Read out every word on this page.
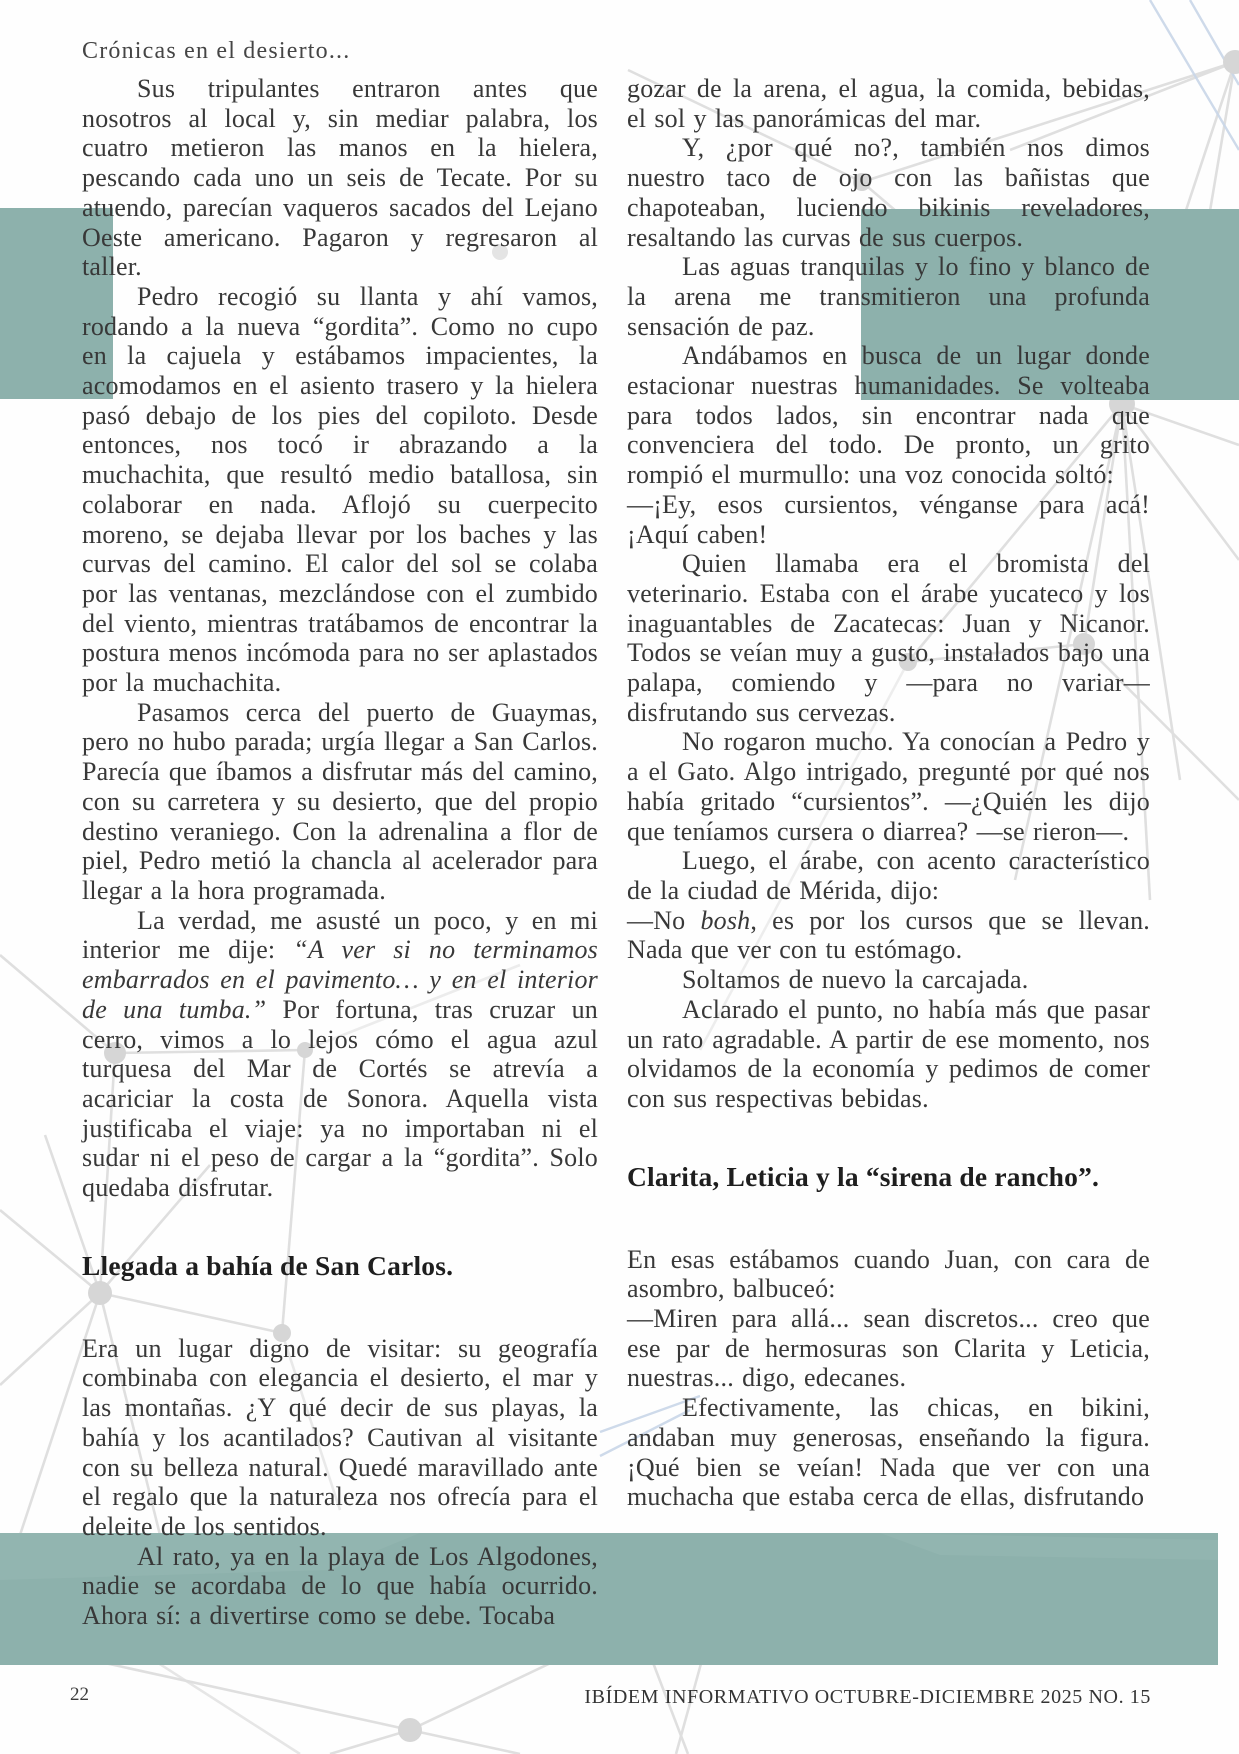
Crónicas en el desierto...

Sus tripulantes entraron antes que nosotros al local y, sin mediar palabra, los cuatro metieron las manos en la hielera, pescando cada uno un seis de Tecate. Por su atuendo, parecían vaqueros sacados del Lejano Oeste americano. Pagaron y regresaron al taller.

Pedro recogió su llanta y ahí vamos, rodando a la nueva “gordita”. Como no cupo en la cajuela y estábamos impacientes, la acomodamos en el asiento trasero y la hielera pasó debajo de los pies del copiloto. Desde entonces, nos tocó ir abrazando a la muchachita, que resultó medio batallosa, sin colaborar en nada. Aflojó su cuerpecito moreno, se dejaba llevar por los baches y las curvas del camino. El calor del sol se colaba por las ventanas, mezclándose con el zumbido del viento, mientras tratábamos de encontrar la postura menos incómoda para no ser aplastados por la muchachita.

Pasamos cerca del puerto de Guaymas, pero no hubo parada; urgía llegar a San Carlos. Parecía que íbamos a disfrutar más del camino, con su carretera y su desierto, que del propio destino veraniego. Con la adrenalina a flor de piel, Pedro metió la chancla al acelerador para llegar a la hora programada.

La verdad, me asusté un poco, y en mi interior me dije: “A ver si no terminamos embarrados en el pavimento… y en el interior de una tumba.” Por fortuna, tras cruzar un cerro, vimos a lo lejos cómo el agua azul turquesa del Mar de Cortés se atrevía a acariciar la costa de Sonora. Aquella vista justificaba el viaje: ya no importaban ni el sudar ni el peso de cargar a la “gordita”. Solo quedaba disfrutar.

Llegada a bahía de San Carlos.

Era un lugar digno de visitar: su geografía combinaba con elegancia el desierto, el mar y las montañas. ¿Y qué decir de sus playas, la bahía y los acantilados? Cautivan al visitante con su belleza natural. Quedé maravillado ante el regalo que la naturaleza nos ofrecía para el deleite de los sentidos.

Al rato, ya en la playa de Los Algodones, nadie se acordaba de lo que había ocurrido. Ahora sí: a divertirse como se debe. Tocaba

gozar de la arena, el agua, la comida, bebidas, el sol y las panorámicas del mar.

Y, ¿por qué no?, también nos dimos nuestro taco de ojo con las bañistas que chapoteaban, luciendo bikinis reveladores, resaltando las curvas de sus cuerpos.

Las aguas tranquilas y lo fino y blanco de la arena me transmitieron una profunda sensación de paz.

Andábamos en busca de un lugar donde estacionar nuestras humanidades. Se volteaba para todos lados, sin encontrar nada que convenciera del todo. De pronto, un grito rompió el murmullo: una voz conocida soltó:

—¡Ey, esos cursientos, vénganse para acá! ¡Aquí caben!

Quien llamaba era el bromista del veterinario. Estaba con el árabe yucateco y los inaguantables de Zacatecas: Juan y Nicanor. Todos se veían muy a gusto, instalados bajo una palapa, comiendo y —para no variar— disfrutando sus cervezas.

No rogaron mucho. Ya conocían a Pedro y a el Gato. Algo intrigado, pregunté por qué nos había gritado “cursientos”. —¿Quién les dijo que teníamos cursera o diarrea? —se rieron—.

Luego, el árabe, con acento característico de la ciudad de Mérida, dijo:

—No bosh, es por los cursos que se llevan. Nada que ver con tu estómago.

Soltamos de nuevo la carcajada.

Aclarado el punto, no había más que pasar un rato agradable. A partir de ese momento, nos olvidamos de la economía y pedimos de comer con sus respectivas bebidas.

Clarita, Leticia y la “sirena de rancho”.

En esas estábamos cuando Juan, con cara de asombro, balbuceó:

—Miren para allá... sean discretos... creo que ese par de hermosuras son Clarita y Leticia, nuestras... digo, edecanes.

Efectivamente, las chicas, en bikini, andaban muy generosas, enseñando la figura. ¡Qué bien se veían! Nada que ver con una muchacha que estaba cerca de ellas, disfrutando

22	IBÍDEM INFORMATIVO OCTUBRE-DICIEMBRE 2025 NO. 15
